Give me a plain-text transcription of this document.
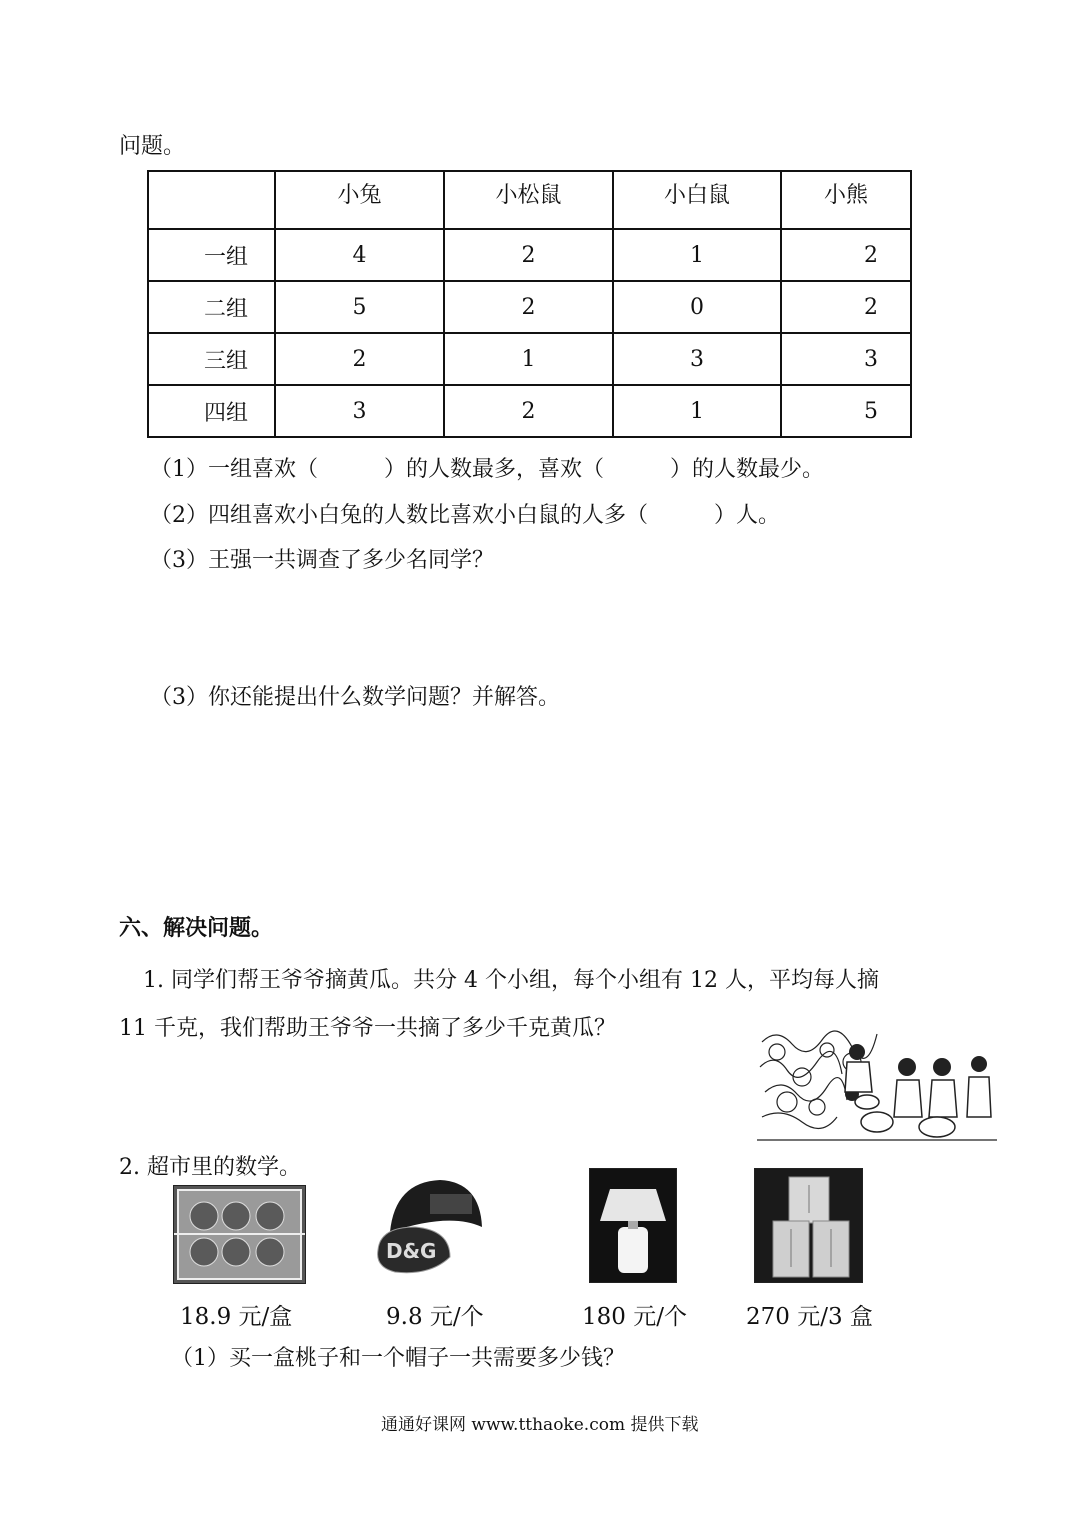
问题。
	小兔	小松鼠	小白鼠	小熊
一组	4	2	1	2
二组	5	2	0	2
三组	2	1	3	3
四组	3	2	1	5
（1）一组喜欢（　　　）的人数最多，喜欢（　　　）的人数最少。
（2）四组喜欢小白兔的人数比喜欢小白鼠的人多（　　　）人。
（3）王强一共调查了多少名同学？
（3）你还能提出什么数学问题？并解答。
六、解决问题。
1. 同学们帮王爷爷摘黄瓜。共分 4 个小组，每个小组有 12 人，平均每人摘
11 千克，我们帮助王爷爷一共摘了多少千克黄瓜？
2. 超市里的数学。
D&G
18.9 元/盒	9.8 元/个	180 元/个	270 元/3 盒
（1）买一盒桃子和一个帽子一共需要多少钱？
通通好课网 www.tthaoke.com 提供下载
